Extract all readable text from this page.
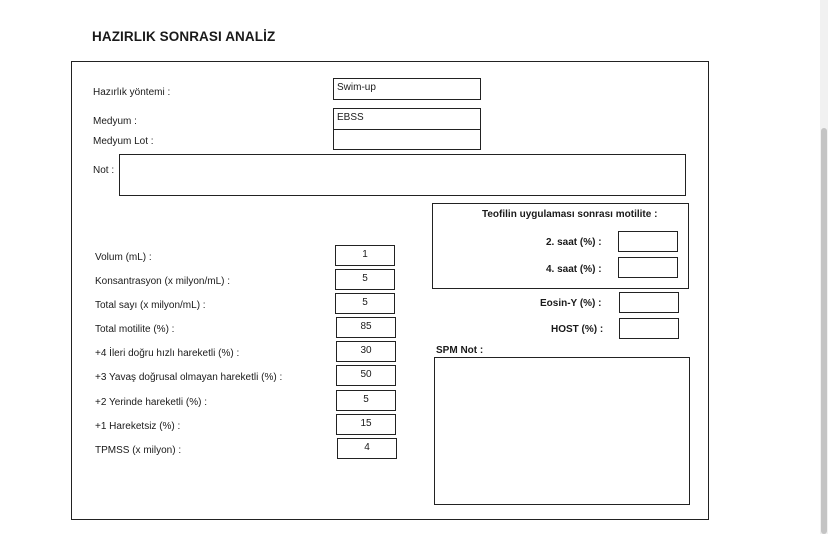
HAZIRLIK SONRASI ANALİZ
Hazırlık yöntemi :	Swim-up
Medyum :	EBSS
Medyum Lot :
Not :
Volum (mL) :	1
Konsantrasyon (x milyon/mL) :	5
Total sayı (x milyon/mL) :	5
Total motilite (%) :	85
+4 İleri doğru hızlı hareketli (%) :	30
+3 Yavaş doğrusal olmayan hareketli (%) :	50
+2 Yerinde hareketli (%) :	5
+1 Hareketsiz (%) :	15
TPMSS (x milyon) :	4
Teofilin uygulaması sonrası motilite :
2. saat (%) :
4. saat (%) :
Eosin-Y (%) :
HOST (%) :
SPM Not :
